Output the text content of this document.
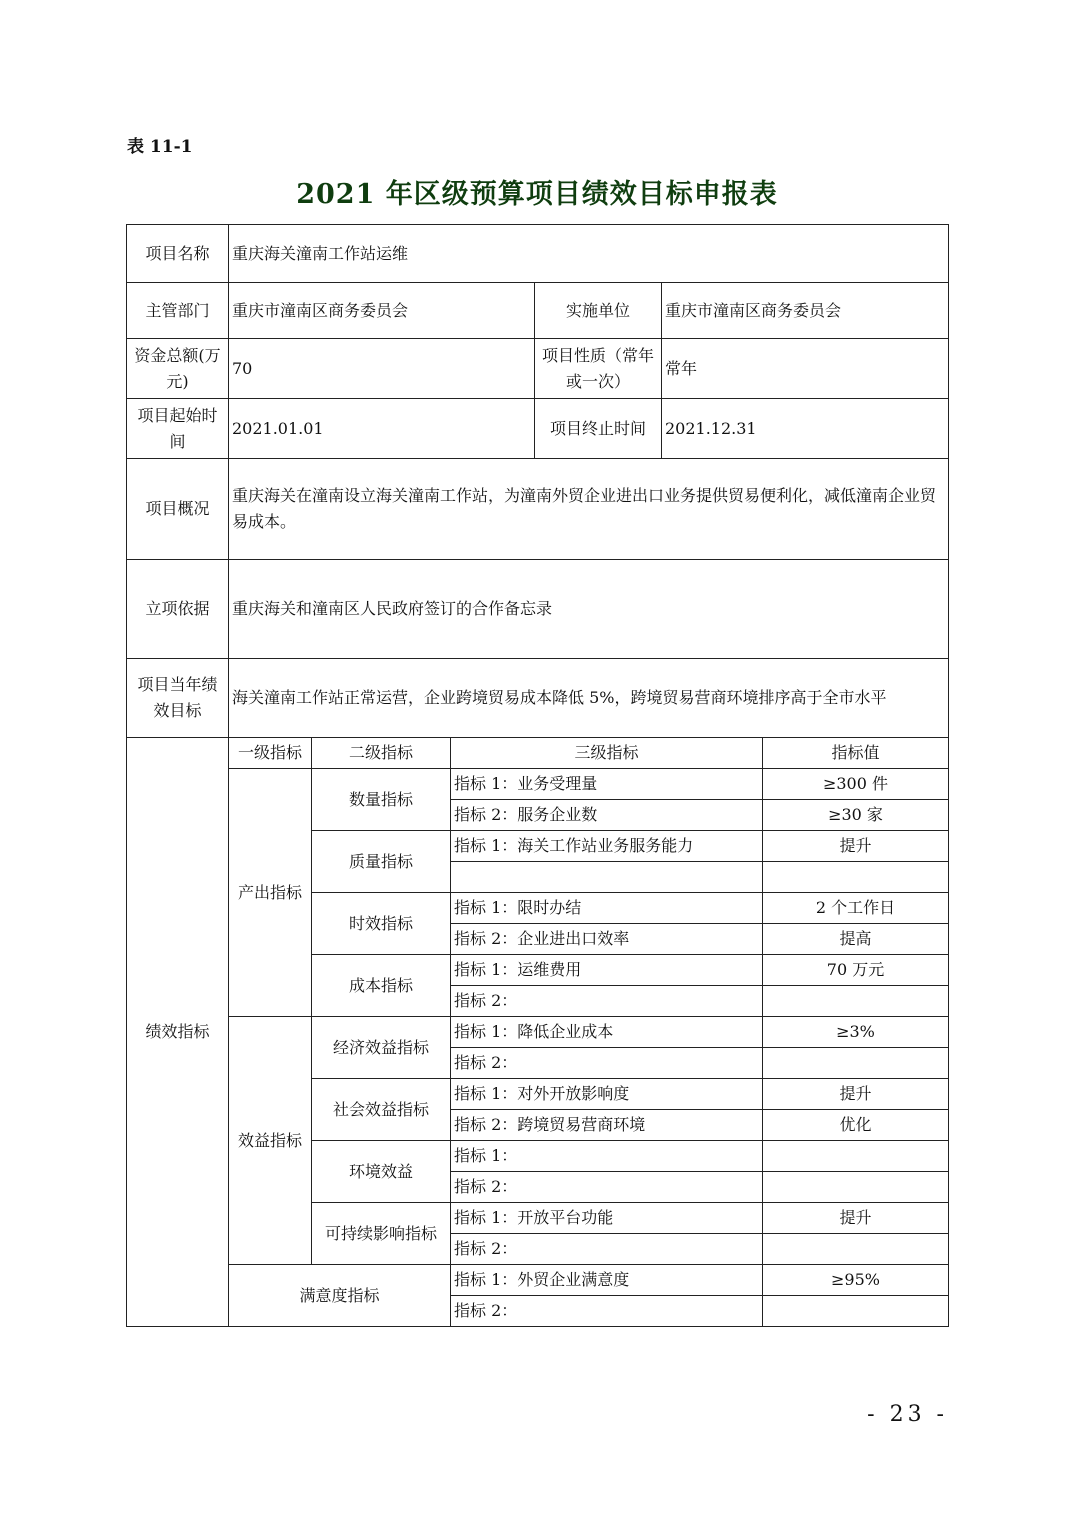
表 11-1
2021 年区级预算项目绩效目标申报表
项目名称	重庆海关潼南工作站运维		
主管部门	重庆市潼南区商务委员会	实施单位	重庆市潼南区商务委员会
资金总额(万元)	70	项目性质（常年或一次）	常年
项目起始时间	2021.01.01	项目终止时间	2021.12.31
项目概况	重庆海关在潼南设立海关潼南工作站，为潼南外贸企业进出口业务提供贸易便利化，减低潼南企业贸易成本。		
立项依据	重庆海关和潼南区人民政府签订的合作备忘录		
项目当年绩效目标	海关潼南工作站正常运营，企业跨境贸易成本降低 5%，跨境贸易营商环境排序高于全市水平		
绩效指标	一级指标	二级指标	三级指标	指标值
	产出指标	数量指标	指标 1：业务受理量	≥300 件
			指标 2：服务企业数	≥30 家
		质量指标	指标 1：海关工作站业务服务能力	提升

		时效指标	指标 1：限时办结	2 个工作日
			指标 2：企业进出口效率	提高
		成本指标	指标 1：运维费用	70 万元
			指标 2：	
	效益指标	经济效益指标	指标 1：降低企业成本	≥3%
			指标 2：	
		社会效益指标	指标 1：对外开放影响度	提升
			指标 2：跨境贸易营商环境	优化
		环境效益	指标 1：	
			指标 2：	
		可持续影响指标	指标 1：开放平台功能	提升
			指标 2：	
	满意度指标		指标 1：外贸企业满意度	≥95%
			指标 2：	
- 23 -
